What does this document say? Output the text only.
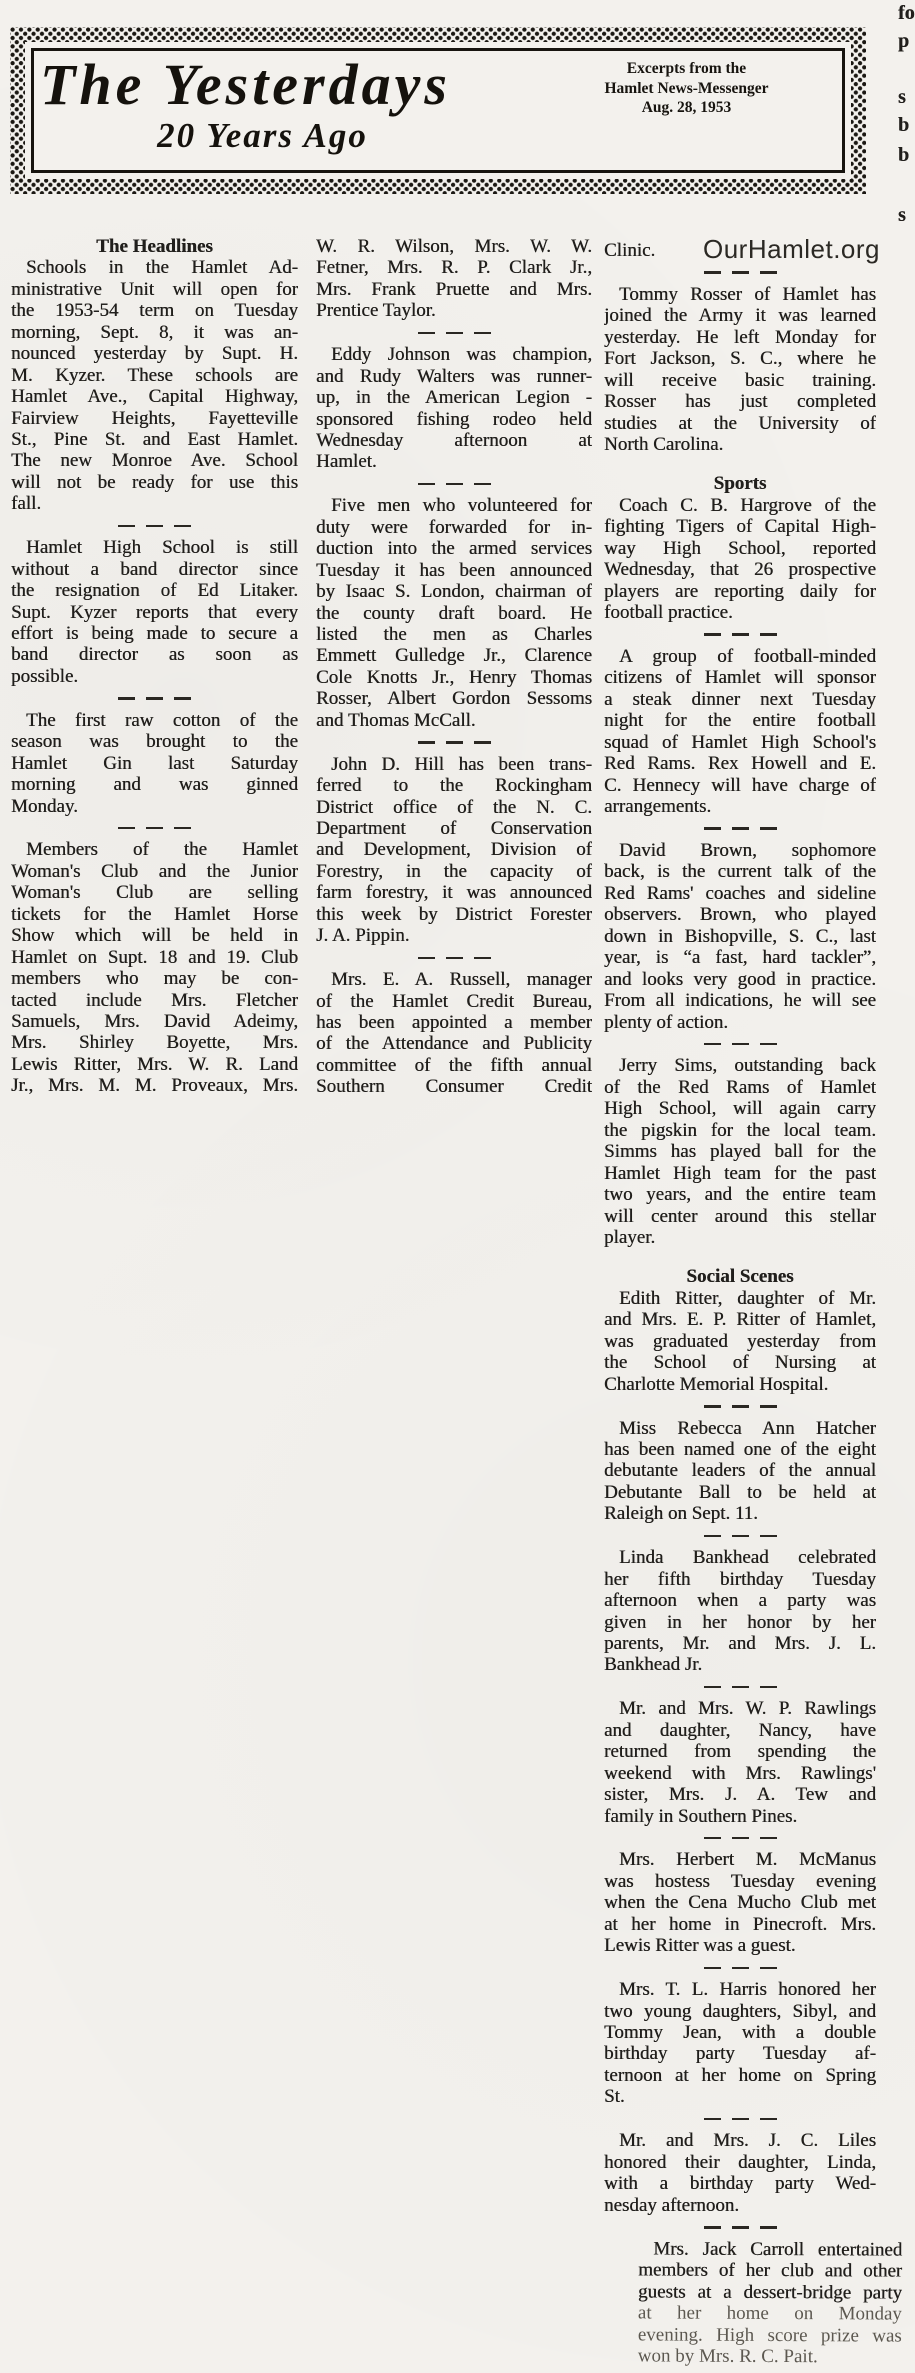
The Yesterdays
20 Years Ago
Excerpts from the
Hamlet News-Messenger
Aug. 28, 1953
OurHamlet.org
The Headlines
Schools in the Hamlet Ad-
ministrative Unit will open for
the 1953-54 term on Tuesday
morning, Sept. 8, it was an-
nounced yesterday by Supt. H.
M. Kyzer. These schools are
Hamlet Ave., Capital Highway,
Fairview Heights, Fayetteville
St., Pine St. and East Hamlet.
The new Monroe Ave. School
will not be ready for use this
fall.
Hamlet High School is still
without a band director since
the resignation of Ed Litaker.
Supt. Kyzer reports that every
effort is being made to secure a
band director as soon as
possible.
The first raw cotton of the
season was brought to the
Hamlet Gin last Saturday
morning and was ginned
Monday.
Members of the Hamlet
Woman's Club and the Junior
Woman's Club are selling
tickets for the Hamlet Horse
Show which will be held in
Hamlet on Supt. 18 and 19. Club
members who may be con-
tacted include Mrs. Fletcher
Samuels, Mrs. David Adeimy,
Mrs. Shirley Boyette, Mrs.
Lewis Ritter, Mrs. W. R. Land
Jr., Mrs. M. M. Proveaux, Mrs.
W. R. Wilson, Mrs. W. W.
Fetner, Mrs. R. P. Clark Jr.,
Mrs. Frank Pruette and Mrs.
Prentice Taylor.
Eddy Johnson was champion,
and Rudy Walters was runner-
up, in the American Legion -
sponsored fishing rodeo held
Wednesday afternoon at
Hamlet.
Five men who volunteered for
duty were forwarded for in-
duction into the armed services
Tuesday it has been announced
by Isaac S. London, chairman of
the county draft board. He
listed the men as Charles
Emmett Gulledge Jr., Clarence
Cole Knotts Jr., Henry Thomas
Rosser, Albert Gordon Sessoms
and Thomas McCall.
John D. Hill has been trans-
ferred to the Rockingham
District office of the N. C.
Department of Conservation
and Development, Division of
Forestry, in the capacity of
farm forestry, it was announced
this week by District Forester
J. A. Pippin.
Mrs. E. A. Russell, manager
of the Hamlet Credit Bureau,
has been appointed a member
of the Attendance and Publicity
committee of the fifth annual
Southern Consumer Credit
Clinic.
Tommy Rosser of Hamlet has
joined the Army it was learned
yesterday. He left Monday for
Fort Jackson, S. C., where he
will receive basic training.
Rosser has just completed
studies at the University of
North Carolina.
Sports
Coach C. B. Hargrove of the
fighting Tigers of Capital High-
way High School, reported
Wednesday, that 26 prospective
players are reporting daily for
football practice.
A group of football-minded
citizens of Hamlet will sponsor
a steak dinner next Tuesday
night for the entire football
squad of Hamlet High School's
Red Rams. Rex Howell and E.
C. Hennecy will have charge of
arrangements.
David Brown, sophomore
back, is the current talk of the
Red Rams' coaches and sideline
observers. Brown, who played
down in Bishopville, S. C., last
year, is “a fast, hard tackler”,
and looks very good in practice.
From all indications, he will see
plenty of action.
Jerry Sims, outstanding back
of the Red Rams of Hamlet
High School, will again carry
the pigskin for the local team.
Simms has played ball for the
Hamlet High team for the past
two years, and the entire team
will center around this stellar
player.
Social Scenes
Edith Ritter, daughter of Mr.
and Mrs. E. P. Ritter of Hamlet,
was graduated yesterday from
the School of Nursing at
Charlotte Memorial Hospital.
Miss Rebecca Ann Hatcher
has been named one of the eight
debutante leaders of the annual
Debutante Ball to be held at
Raleigh on Sept. 11.
Linda Bankhead celebrated
her fifth birthday Tuesday
afternoon when a party was
given in her honor by her
parents, Mr. and Mrs. J. L.
Bankhead Jr.
Mr. and Mrs. W. P. Rawlings
and daughter, Nancy, have
returned from spending the
weekend with Mrs. Rawlings'
sister, Mrs. J. A. Tew and
family in Southern Pines.
Mrs. Herbert M. McManus
was hostess Tuesday evening
when the Cena Mucho Club met
at her home in Pinecroft. Mrs.
Lewis Ritter was a guest.
Mrs. T. L. Harris honored her
two young daughters, Sibyl, and
Tommy Jean, with a double
birthday party Tuesday af-
ternoon at her home on Spring
St.
Mr. and Mrs. J. C. Liles
honored their daughter, Linda,
with a birthday party Wed-
nesday afternoon.
Mrs. Jack Carroll entertained
members of her club and other
guests at a dessert-bridge party
at her home on Monday
evening. High score prize was
won by Mrs. R. C. Pait.
fo
p
s
b
b
s
